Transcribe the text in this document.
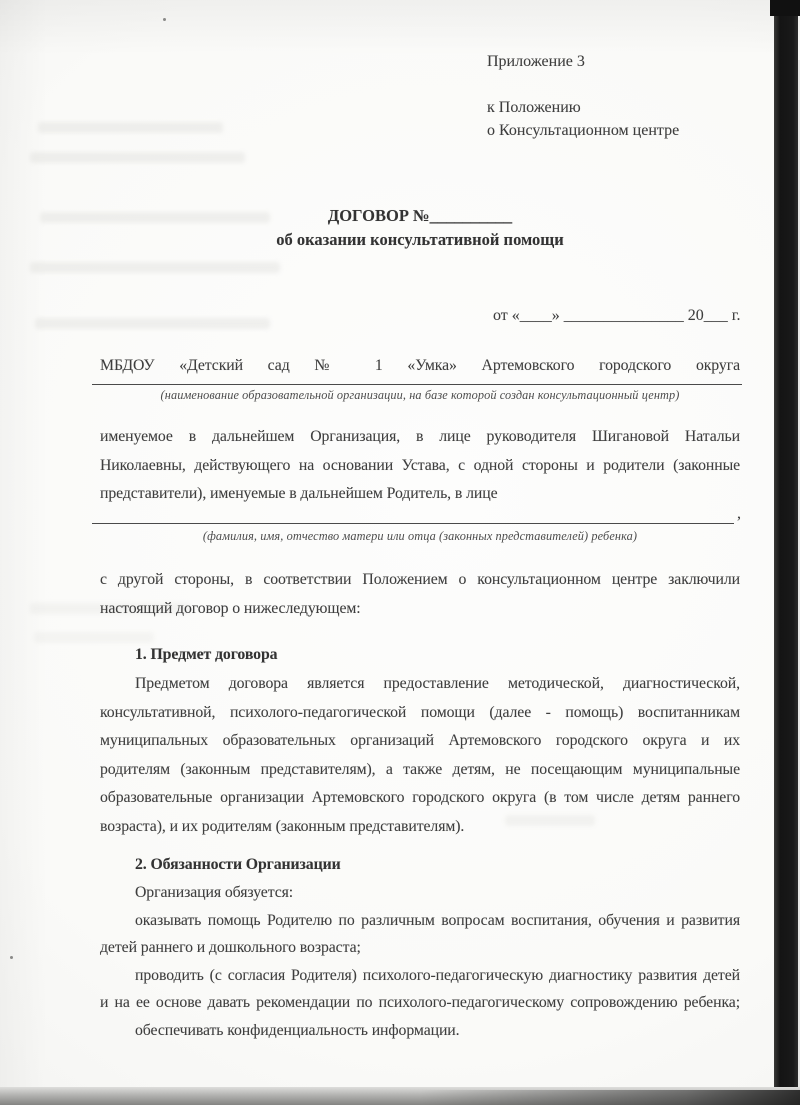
Приложение 3
к Положению
о Консультационном центре
ДОГОВОР №__________
об оказании консультативной помощи
от «____» _______________ 20___ г.
МБДОУ «Детский сад № 1 «Умка» Артемовского городского округа
(наименование образовательной организации, на базе которой создан консультационный центр)
именуемое в дальнейшем Организация, в лице руководителя Шигановой Натальи
Николаевны, действующего на основании Устава, с одной стороны и родители (законные
представители), именуемые в дальнейшем Родитель, в лице
,
(фамилия, имя, отчество матери или отца (законных представителей) ребенка)
с другой стороны, в соответствии Положением о консультационном центре заключили
настоящий договор о нижеследующем:
1. Предмет договора
Предметом договора является предоставление методической, диагностической,
консультативной, психолого-педагогической помощи (далее - помощь) воспитанникам
муниципальных образовательных организаций Артемовского городского округа и их
родителям (законным представителям), а также детям, не посещающим муниципальные
образовательные организации Артемовского городского округа (в том числе детям раннего
возраста), и их родителям (законным представителям).
2. Обязанности Организации
Организация обязуется:
оказывать помощь Родителю по различным вопросам воспитания, обучения и развития
детей раннего и дошкольного возраста;
проводить (с согласия Родителя) психолого-педагогическую диагностику развития детей
и на ее основе давать рекомендации по психолого-педагогическому сопровождению ребенка;
обеспечивать конфиденциальность информации.
